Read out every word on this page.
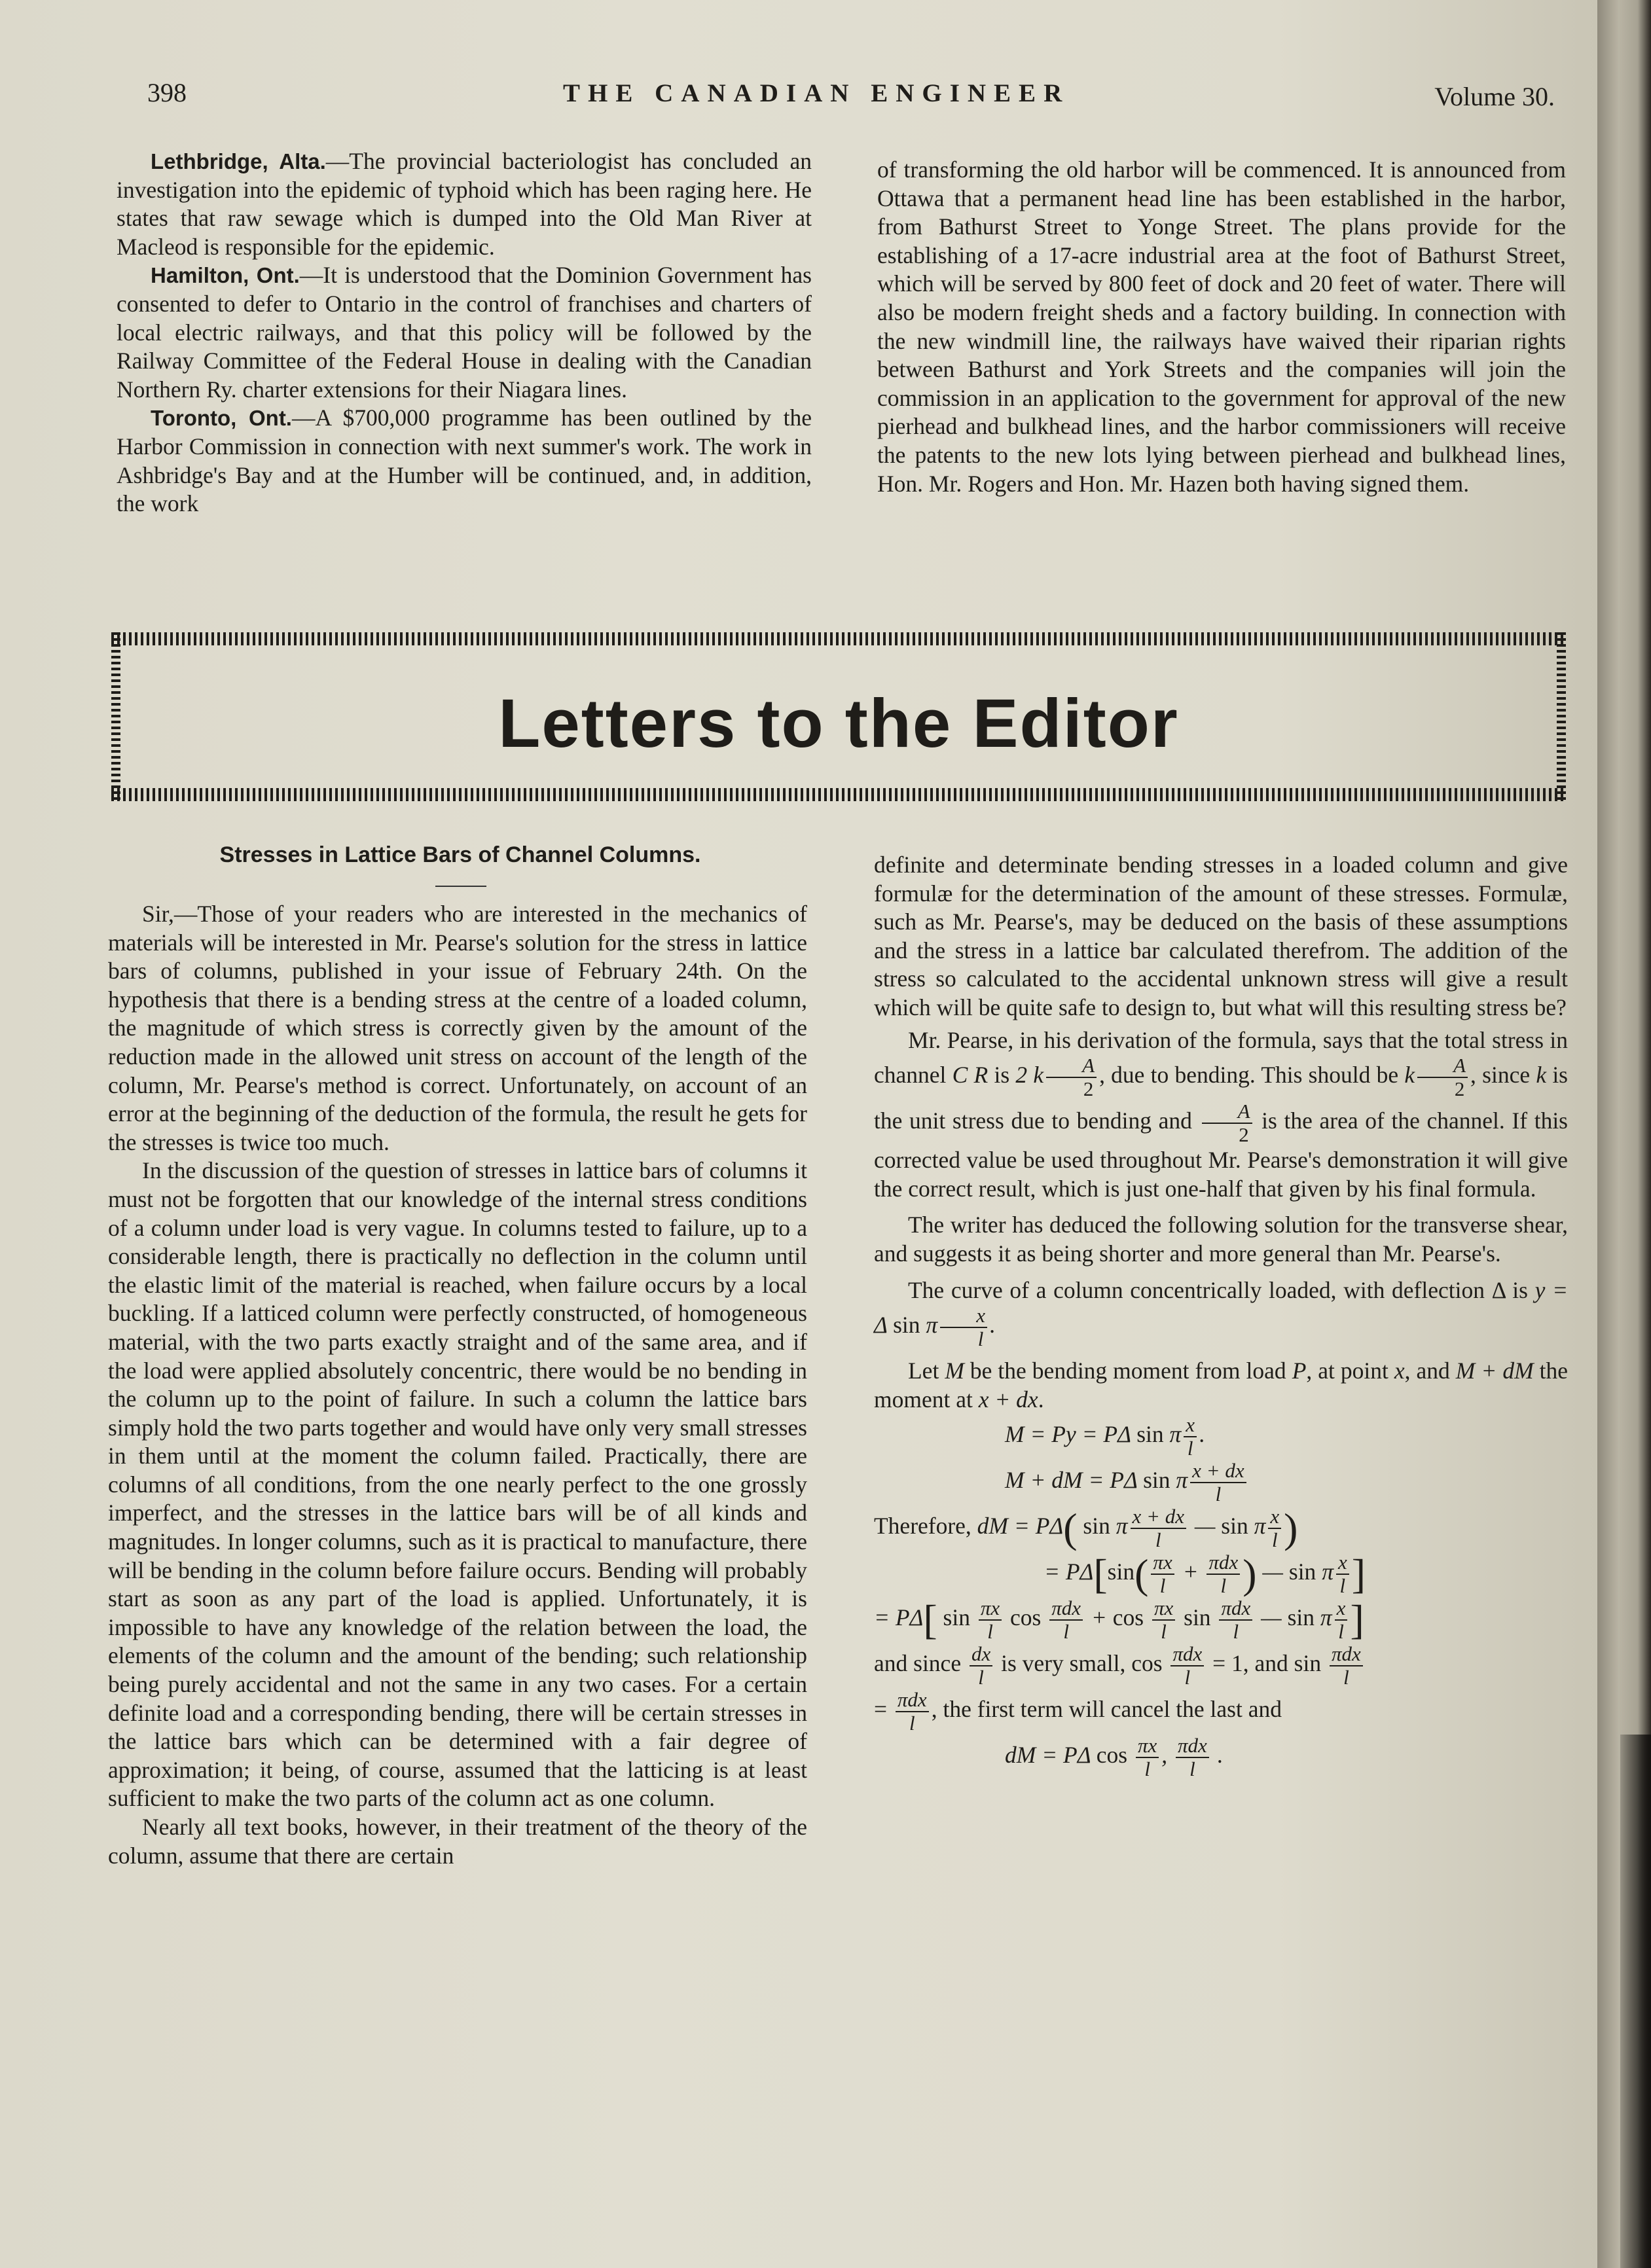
398	THE CANADIAN ENGINEER	Volume 30.

Lethbridge, Alta.—The provincial bacteriologist has concluded an investigation into the epidemic of typhoid which has been raging here. He states that raw sewage which is dumped into the Old Man River at Macleod is responsible for the epidemic.

Hamilton, Ont.—It is understood that the Dominion Government has consented to defer to Ontario in the control of franchises and charters of local electric railways, and that this policy will be followed by the Railway Committee of the Federal House in dealing with the Canadian Northern Ry. charter extensions for their Niagara lines.

Toronto, Ont.—A $700,000 programme has been outlined by the Harbor Commission in connection with next summer's work. The work in Ashbridge's Bay and at the Humber will be continued, and, in addition, the work

of transforming the old harbor will be commenced. It is announced from Ottawa that a permanent head line has been established in the harbor, from Bathurst Street to Yonge Street. The plans provide for the establishing of a 17-acre industrial area at the foot of Bathurst Street, which will be served by 800 feet of dock and 20 feet of water. There will also be modern freight sheds and a factory building. In connection with the new windmill line, the railways have waived their riparian rights between Bathurst and York Streets and the companies will join the commission in an application to the government for approval of the new pierhead and bulkhead lines, and the harbor commissioners will receive the patents to the new lots lying between pierhead and bulkhead lines, Hon. Mr. Rogers and Hon. Mr. Hazen both having signed them.

Letters to the Editor
Stresses in Lattice Bars of Channel Columns.

Sir,—Those of your readers who are interested in the mechanics of materials will be interested in Mr. Pearse's solution for the stress in lattice bars of columns, published in your issue of February 24th. On the hypothesis that there is a bending stress at the centre of a loaded column, the magnitude of which stress is correctly given by the amount of the reduction made in the allowed unit stress on account of the length of the column, Mr. Pearse's method is correct. Unfortunately, on account of an error at the beginning of the deduction of the formula, the result he gets for the stresses is twice too much.

In the discussion of the question of stresses in lattice bars of columns it must not be forgotten that our knowledge of the internal stress conditions of a column under load is very vague. In columns tested to failure, up to a considerable length, there is practically no deflection in the column until the elastic limit of the material is reached, when failure occurs by a local buckling. If a latticed column were perfectly constructed, of homogeneous material, with the two parts exactly straight and of the same area, and if the load were applied absolutely concentric, there would be no bending in the column up to the point of failure. In such a column the lattice bars simply hold the two parts together and would have only very small stresses in them until at the moment the column failed. Practically, there are columns of all conditions, from the one nearly perfect to the one grossly imperfect, and the stresses in the lattice bars will be of all kinds and magnitudes. In longer columns, such as it is practical to manufacture, there will be bending in the column before failure occurs. Bending will probably start as soon as any part of the load is applied. Unfortunately, it is impossible to have any knowledge of the relation between the load, the elements of the column and the amount of the bending; such relationship being purely accidental and not the same in any two cases. For a certain definite load and a corresponding bending, there will be certain stresses in the lattice bars which can be determined with a fair degree of approximation; it being, of course, assumed that the latticing is at least sufficient to make the two parts of the column act as one column.

Nearly all text books, however, in their treatment of the theory of the column, assume that there are certain

definite and determinate bending stresses in a loaded column and give formulæ for the determination of the amount of these stresses. Formulæ, such as Mr. Pearse's, may be deduced on the basis of these assumptions and the stress in a lattice bar calculated therefrom. The addition of the stress so calculated to the accidental unknown stress will give a result which will be quite safe to design to, but what will this resulting stress be?

Mr. Pearse, in his derivation of the formula, says that the total stress in channel C R is 2 k $\frac{A}{2}$ , due to bending. This should be k $\frac{A}{2}$ , since k is the unit stress due to bending and $\frac{A}{2}$ is the area of the channel. If this corrected value be used throughout Mr. Pearse's demonstration it will give the correct result, which is just one-half that given by his final formula.

The writer has deduced the following solution for the transverse shear, and suggests it as being shorter and more general than Mr. Pearse's.

The curve of a column concentrically loaded, with deflection Δ is y = Δ sin π $\frac{x}{l}$ .

Let M be the bending moment from load P, at point x, and M + dM the moment at x + dx.

M = Py = PΔ sin π $\frac{x}{l}$ .
M + dM = PΔ sin π $\frac{x + dx}{l}$
Therefore, dM = PΔ( sin π $\frac{x + dx}{l}$ — sin π $\frac{x}{l}$ )
= $P\Delta[\sin( \frac{\pi x}{l} + \frac{\text{πdx}}{l}$ ) — sin π $\frac{x}{l}$ ]
= PΔ[ $\sin \frac{\pi x}{l}$ $\cos \frac{\text{πdx}}{l} + \cos \frac{\pi x}{l}$ $\sin \frac{\text{πdx}}{l}$ — sin π $\frac{x}{l}$ ]
and since $\frac{dx}{l}$ is very small, $\cos \frac{\text{πdx}}{l} = 1$, and $\sin \frac{\text{πdx}}{l}$
= $\frac{\text{πdx}}{l}$ , the first term will cancel the last and
dM = PΔ $\cos \frac{\pi x}{l}$ , $\frac{\text{πdx}}{l}$ .
